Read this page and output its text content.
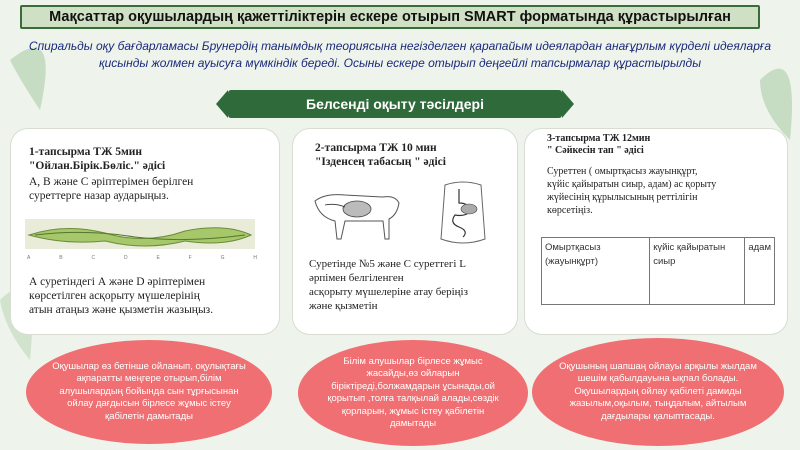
Мақсаттар оқушылардың қажеттіліктерін ескере отырып SMART форматында құрастырылған
Спиральды оқу бағдарламасы Брунердің танымдық теориясына негізделген қарапайым идеялардан анағұрлым күрделі идеяларға қисынды жолмен ауысуға мүмкіндік береді. Осыны ескере отырып деңгейлі тапсырмалар құрастырылды
Белсенді оқыту тәсілдері
1-тапсырма ТЖ 5мин
"Ойлан.Бірік.Бөліс." әдісі
А, В және С әріптерімен берілген
суреттерге назар аударыңыз.
A	B	C	D	E	F	G	H
А суретіндегі А және D әріптерімен
көрсетілген асқорыту мүшелерінің
атын атаңыз және қызметін жазыңыз.
2-тапсырма ТЖ 10 мин
"Ізденсең табасың " әдісі
Суретінде №5 және С суреттегі L
әрпімен белгіленген
асқорыту мүшелеріне атау беріңіз
және қызметін
3-тапсырма ТЖ 12мин
" Сәйкесін тап " әдісі
Суреттен ( омыртқасыз жауынқұрт,
күйіс қайыратын сиыр, адам) ас қорыту
жүйесінің құрылысының реттілігін
көрсетіңіз.
Омыртқасыз (жауынқұрт)	күйіс қайыратын сиыр	адам
Оқушылар өз бетінше ойланып, оқулықтағы ақпаратты меңгере отырып,білім алушылардың бойында сын тұрғысынан ойлау дағдысын бірлесе жұмыс істеу қабілетін дамытады
Білім алушылар бірлесе жұмыс жасайды,өз ойларын біріктіреді,болжамдарын ұсынады,ой қорытып ,толға талқылай алады,сөздік қорларын, жұмыс істеу қабілетін дамытады
Оқушының шапшаң ойлауы арқылы жылдам шешім қабылдауына ықпал болады. Оқушылардың ойлау қабілеті дамиды жазылым,оқылым, тыңдалым, айтылым дағдылары қалыптасады.
